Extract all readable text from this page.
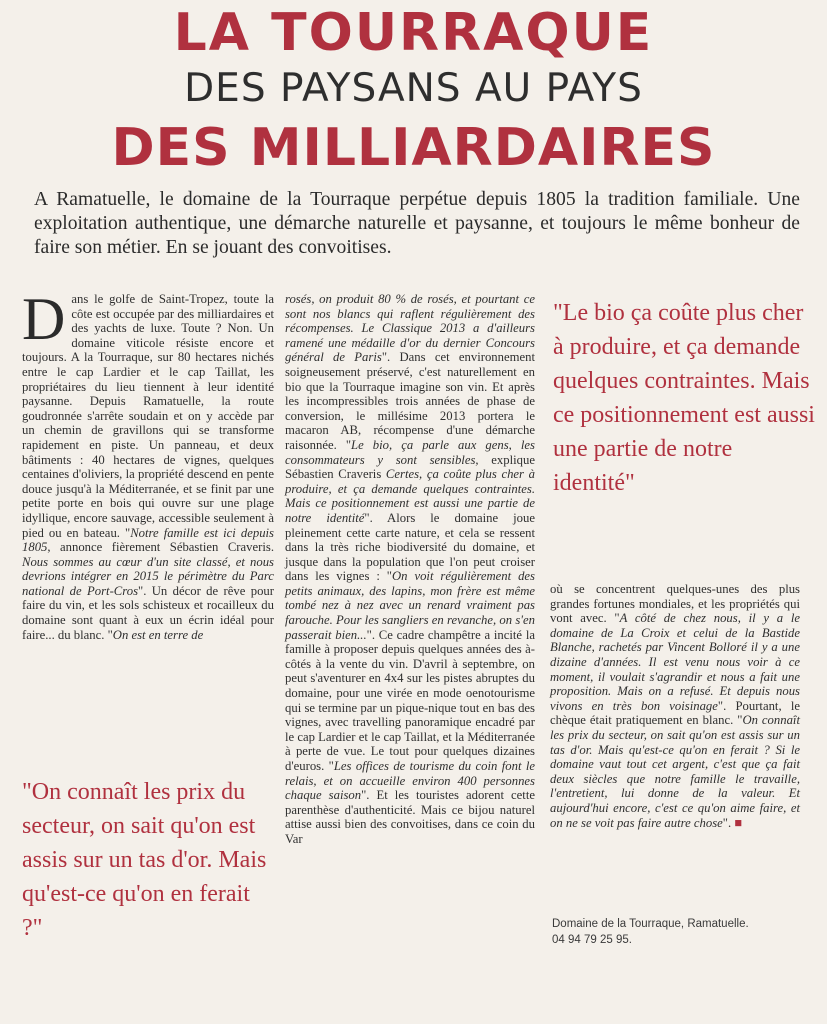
LA TOURRAQUE
DES PAYSANS AU PAYS
DES MILLIARDAIRES
A Ramatuelle, le domaine de la Tourraque perpétue depuis 1805 la tradition familiale. Une exploitation authentique, une démarche naturelle et paysanne, et toujours le même bonheur de faire son métier. En se jouant des convoitises.

Dans le golfe de Saint-Tropez, toute la côte est occupée par des milliardaires et des yachts de luxe. Toute ? Non. Un domaine viticole résiste encore et toujours. A la Tourraque, sur 80 hectares nichés entre le cap Lardier et le cap Taillat, les propriétaires du lieu tiennent à leur identité paysanne. Depuis Ramatuelle, la route goudronnée s'arrête soudain et on y accède par un chemin de gravillons qui se transforme rapidement en piste. Un panneau, et deux bâtiments : 40 hectares de vignes, quelques centaines d'oliviers, la propriété descend en pente douce jusqu'à la Méditerranée, et se finit par une petite porte en bois qui ouvre sur une plage idyllique, encore sauvage, accessible seulement à pied ou en bateau. "Notre famille est ici depuis 1805, annonce fièrement Sébastien Craveris. Nous sommes au cœur d'un site classé, et nous devrions intégrer en 2015 le périmètre du Parc national de Port-Cros". Un décor de rêve pour faire du vin, et les sols schisteux et rocailleux du domaine sont quant à eux un écrin idéal pour faire... du blanc. "On est en terre de

"On connaît les prix du secteur, on sait qu'on est assis sur un tas d'or. Mais qu'est-ce qu'on en ferait ?"

rosés, on produit 80 % de rosés, et pourtant ce sont nos blancs qui raflent régulièrement des récompenses. Le Classique 2013 a d'ailleurs ramené une médaille d'or du dernier Concours général de Paris". Dans cet environnement soigneusement préservé, c'est naturellement en bio que la Tourraque imagine son vin. Et après les incompressibles trois années de phase de conversion, le millésime 2013 portera le macaron AB, récompense d'une démarche raisonnée. "Le bio, ça parle aux gens, les consommateurs y sont sensibles, explique Sébastien Craveris Certes, ça coûte plus cher à produire, et ça demande quelques contraintes. Mais ce positionnement est aussi une partie de notre identité". Alors le domaine joue pleinement cette carte nature, et cela se ressent dans la très riche biodiversité du domaine, et jusque dans la population que l'on peut croiser dans les vignes : "On voit régulièrement des petits animaux, des lapins, mon frère est même tombé nez à nez avec un renard vraiment pas farouche. Pour les sangliers en revanche, on s'en passerait bien...". Ce cadre champêtre a incité la famille à proposer depuis quelques années des à-côtés à la vente du vin. D'avril à septembre, on peut s'aventurer en 4x4 sur les pistes abruptes du domaine, pour une virée en mode oenotourisme qui se termine par un pique-nique tout en bas des vignes, avec travelling panoramique encadré par le cap Lardier et le cap Taillat, et la Méditerranée à perte de vue. Le tout pour quelques dizaines d'euros. "Les offices de tourisme du coin font le relais, et on accueille environ 400 personnes chaque saison". Et les touristes adorent cette parenthèse d'authenticité. Mais ce bijou naturel attise aussi bien des convoitises, dans ce coin du Var

"Le bio ça coûte plus cher à produire, et ça demande quelques contraintes. Mais ce positionnement est aussi une partie de notre identité"

où se concentrent quelques-unes des plus grandes fortunes mondiales, et les propriétés qui vont avec. "A côté de chez nous, il y a le domaine de La Croix et celui de la Bastide Blanche, rachetés par Vincent Bolloré il y a une dizaine d'années. Il est venu nous voir à ce moment, il voulait s'agrandir et nous a fait une proposition. Mais on a refusé. Et depuis nous vivons en très bon voisinage". Pourtant, le chèque était pratiquement en blanc. "On connaît les prix du secteur, on sait qu'on est assis sur un tas d'or. Mais qu'est-ce qu'on en ferait ? Si le domaine vaut tout cet argent, c'est que ça fait deux siècles que notre famille le travaille, l'entretient, lui donne de la valeur. Et aujourd'hui encore, c'est ce qu'on aime faire, et on ne se voit pas faire autre chose". ■

Domaine de la Tourraque, Ramatuelle.
04 94 79 25 95.
